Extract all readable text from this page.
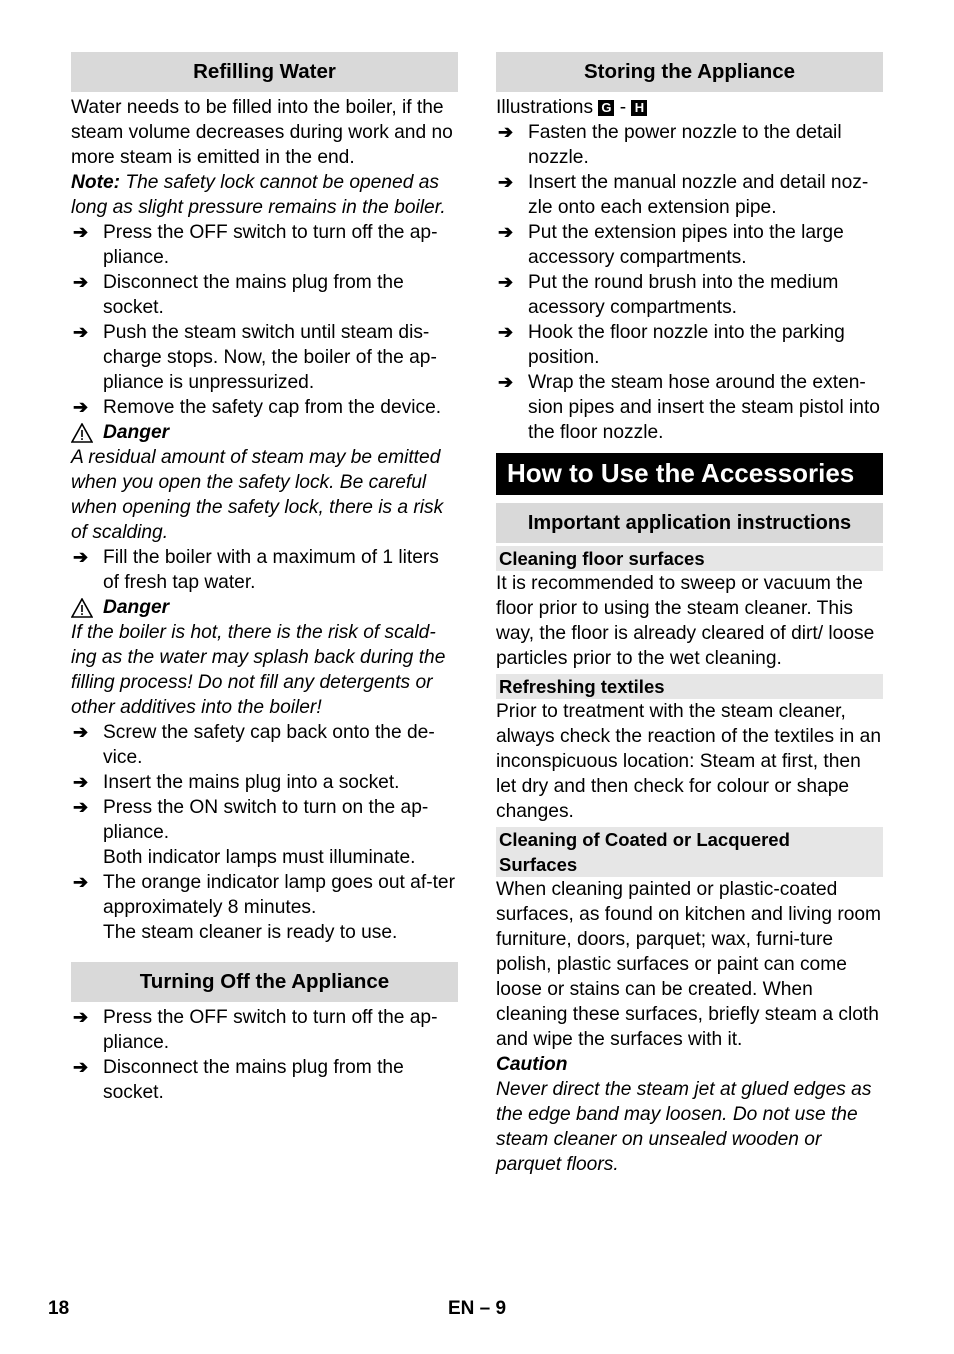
Refilling Water

Water needs to be filled into the boiler, if the steam volume decreases during work and no more steam is emitted in the end.

Note: The safety lock cannot be opened as long as slight pressure remains in the boiler.

➔ Press the OFF switch to turn off the ap-pliance.
➔ Disconnect the mains plug from the socket.
➔ Push the steam switch until steam dis-charge stops. Now, the boiler of the ap-pliance is unpressurized.
➔ Remove the safety cap from the device.
Danger

A residual amount of steam may be emitted when you open the safety lock. Be careful when opening the safety lock, there is a risk of scalding.

➔ Fill the boiler with a maximum of 1 liters of fresh tap water.
Danger

If the boiler is hot, there is the risk of scald-ing as the water may splash back during the filling process! Do not fill any detergents or other additives into the boiler!

➔ Screw the safety cap back onto the de-vice.
➔ Insert the mains plug into a socket.
➔ Press the ON switch to turn on the ap-pliance.

Both indicator lamps must illuminate.

➔ The orange indicator lamp goes out af-ter approximately 8 minutes.

The steam cleaner is ready to use.

Turning Off the Appliance
➔ Press the OFF switch to turn off the ap-pliance.
➔ Disconnect the mains plug from the socket.
Storing the Appliance

Illustrations G - H

➔ Fasten the power nozzle to the detail nozzle.
➔ Insert the manual nozzle and detail noz-zle onto each extension pipe.
➔ Put the extension pipes into the large accessory compartments.
➔ Put the round brush into the medium acessory compartments.
➔ Hook the floor nozzle into the parking position.
➔ Wrap the steam hose around the exten-sion pipes and insert the steam pistol into the floor nozzle.
How to Use the Accessories
Important application instructions
Cleaning floor surfaces

It is recommended to sweep or vacuum the floor prior to using the steam cleaner. This way, the floor is already cleared of dirt/ loose particles prior to the wet cleaning.

Refreshing textiles

Prior to treatment with the steam cleaner, always check the reaction of the textiles in an inconspicuous location: Steam at first, then let dry and then check for colour or shape changes.

Cleaning of Coated or Lacquered
Surfaces

When cleaning painted or plastic-coated surfaces, as found on kitchen and living room furniture, doors, parquet; wax, furni-ture polish, plastic surfaces or paint can come loose or stains can be created. When cleaning these surfaces, briefly steam a cloth and wipe the surfaces with it.

Caution

Never direct the steam jet at glued edges as the edge band may loosen. Do not use the steam cleaner on unsealed wooden or parquet floors.

18	EN – 9
